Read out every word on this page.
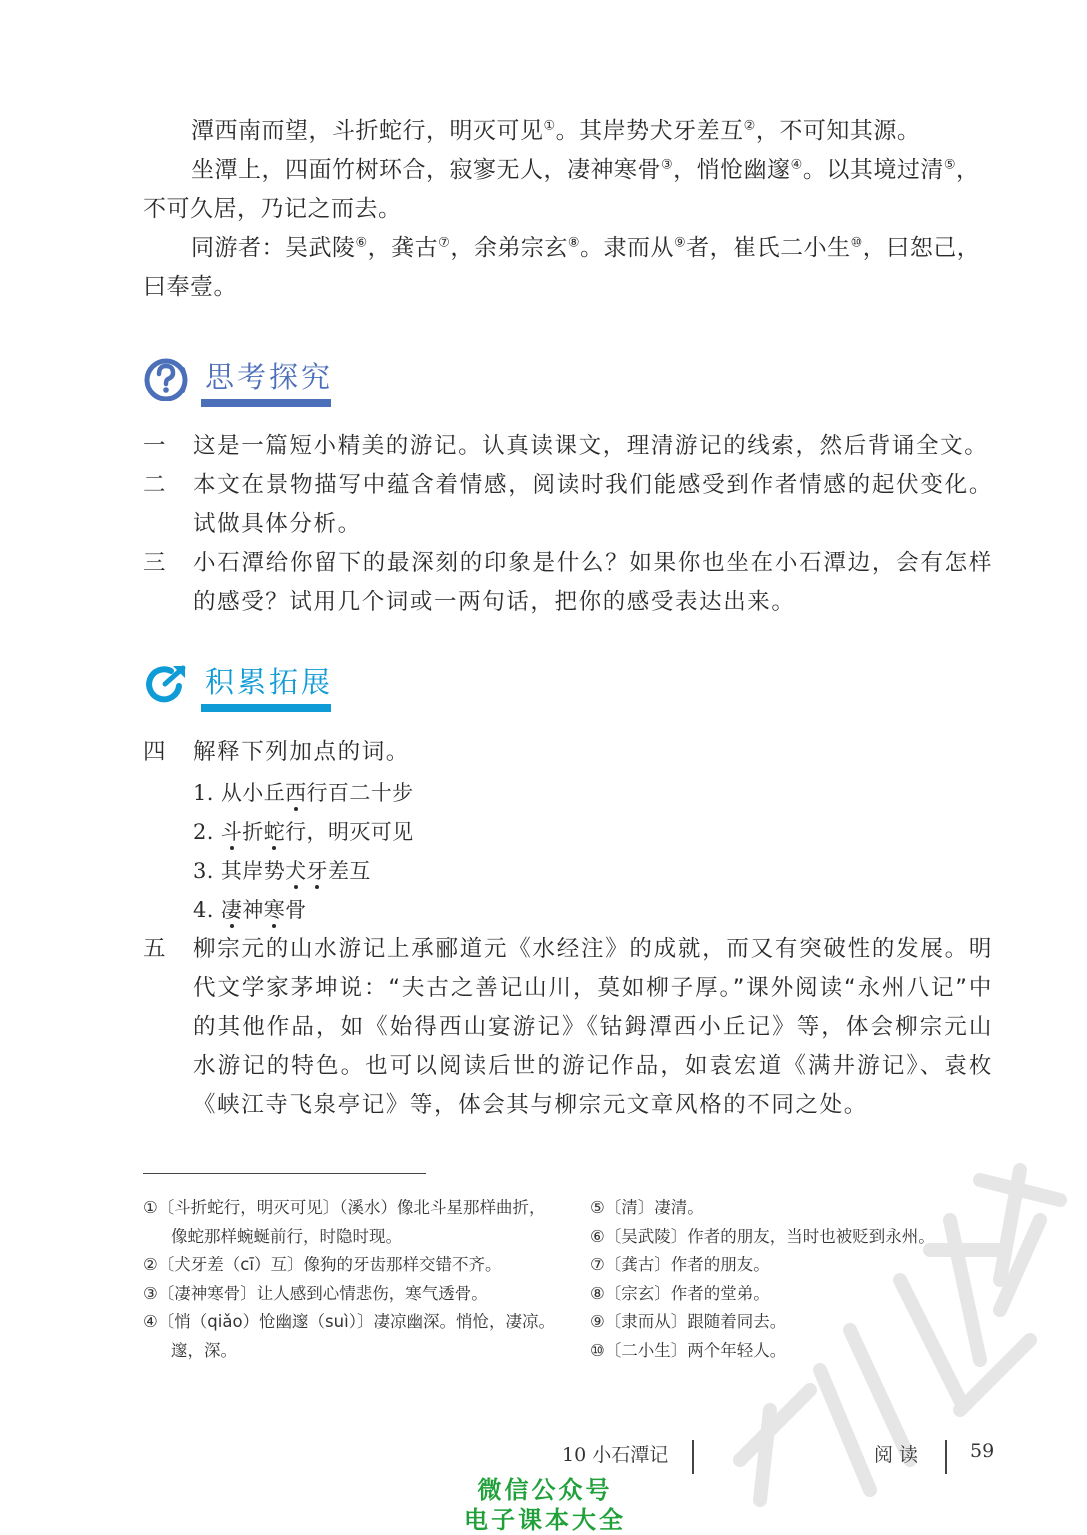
潭西南而望，斗折蛇行，明灭可见①。其岸势犬牙差互②，不可知其源。

坐潭上，四面竹树环合，寂寥无人，凄神寒骨③，悄怆幽邃④。以其境过清⑤，不可久居，乃记之而去。

同游者：吴武陵⑥，龚古⑦，余弟宗玄⑧。隶而从⑨者，崔氏二小生⑩，曰恕己，曰奉壹。

思考探究
一	这是一篇短小精美的游记。认真读课文，理清游记的线索，然后背诵全文。
二	本文在景物描写中蕴含着情感，阅读时我们能感受到作者情感的起伏变化。试做具体分析。
三	小石潭给你留下的最深刻的印象是什么？如果你也坐在小石潭边，会有怎样的感受？试用几个词或一两句话，把你的感受表达出来。
积累拓展
四	解释下列加点的词。
1. 从小丘西行百二十步
2. 斗折蛇行，明灭可见
3. 其岸势犬牙差互
4. 凄神寒骨
五	柳宗元的山水游记上承郦道元《水经注》的成就，而又有突破性的发展。明代文学家茅坤说：“夫古之善记山川，莫如柳子厚。”课外阅读“永州八记”中的其他作品，如《始得西山宴游记》《钴鉧潭西小丘记》等，体会柳宗元山水游记的特色。也可以阅读后世的游记作品，如袁宏道《满井游记》、袁枚《峡江寺飞泉亭记》等，体会其与柳宗元文章风格的不同之处。
①〔斗折蛇行，明灭可见〕（溪水）像北斗星那样曲折，像蛇那样蜿蜒前行，时隐时现。
②〔犬牙差（cī）互〕像狗的牙齿那样交错不齐。
③〔凄神寒骨〕让人感到心情悲伤，寒气透骨。
④〔悄（qiǎo）怆幽邃（suì）〕凄凉幽深。悄怆，凄凉。邃，深。
⑤〔清〕凄清。
⑥〔吴武陵〕作者的朋友，当时也被贬到永州。
⑦〔龚古〕作者的朋友。
⑧〔宗玄〕作者的堂弟。
⑨〔隶而从〕跟随着同去。
⑩〔二小生〕两个年轻人。
10 小石潭记	阅 读	59
微信公众号
电子课本大全
